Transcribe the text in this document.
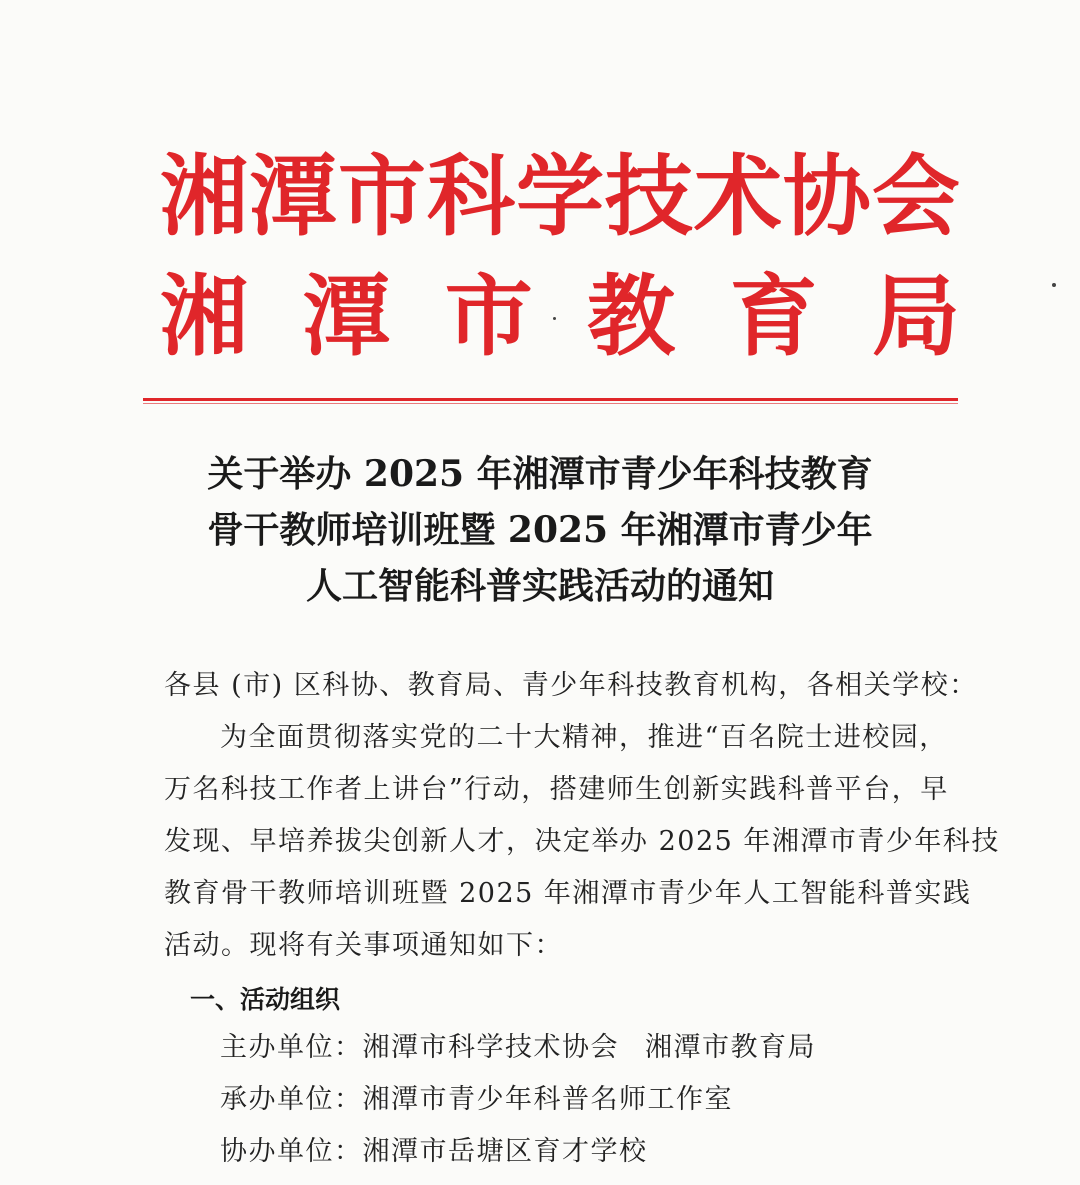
湘 潭 市 科 学 技 术 协 会
湘 潭 市 教 育 局
关于举办 2025 年湘潭市青少年科技教育
骨干教师培训班暨 2025 年湘潭市青少年
人工智能科普实践活动的通知
各县 (市) 区科协、教育局、青少年科技教育机构，各相关学校：
为全面贯彻落实党的二十大精神，推进“百名院士进校园，
万名科技工作者上讲台”行动，搭建师生创新实践科普平台，早
发现、早培养拔尖创新人才，决定举办 2025 年湘潭市青少年科技
教育骨干教师培训班暨 2025 年湘潭市青少年人工智能科普实践
活动。现将有关事项通知如下：
一、活动组织
主办单位：湘潭市科学技术协会 湘潭市教育局
承办单位：湘潭市青少年科普名师工作室
协办单位：湘潭市岳塘区育才学校
